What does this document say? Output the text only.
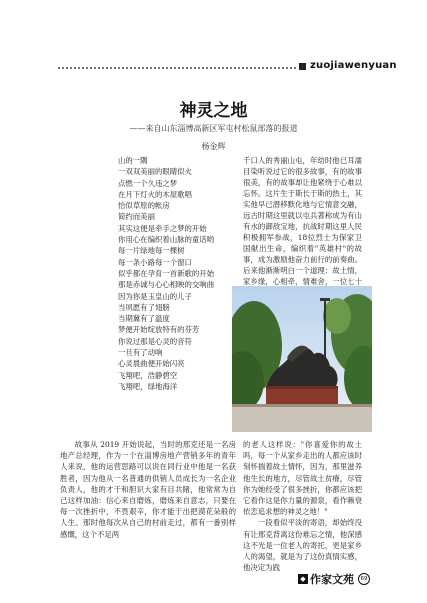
zuojiawenyuan
神灵之地
——来自山东淄博高新区军屯村松鼠部落的报道
杨金辉
山的一隅
一双双美丽的眼睛似火
点燃一个久违之梦
在月下灯火的木屋歌唱
恰似草原的帐房
简约而美丽
其实这便是牵手之梦的开始
你用心在编织着山脉的童话哟
每一片绿地每一棵树
每一条小路每一个窗口
似乎都在孕育一首新歌的开始
那是赤诚与心心相映的交响曲
因为你是玉皇山的儿子
当夙愿有了翅膀
当期冀有了温度
梦便开始绽放特有的芬芳
你说过那是心灵的音符
一旦有了动响
心灵晨曲便开始闪亮
飞翔吧，浩静碧空
飞翔吧，绿地海洋
千口人的秀丽山屯，年幼时他已耳濡目染听说过它的很多故事，有的故事很美，有的故事却让他紧绕于心难以忘怀。这片生于斯长于斯的热土，其实他早已潜移默化地与它情意交融，远古时期这里就以屯兵著称成为有山有水的御敌宝地，抗战时期这里人民积极拥军参战，18位烈士为保家卫国献出生命，编织着"英雄村"的故事，成为激励他奋力前行的前奏曲。后来他渐渐明白一个道理：故土情，家乡缘，心相牵，情难舍，一位七十

故事从 2019 开始说起，当时的邢克还是一名房地产总经理，作为一个在淄博房地产营销多年的青年人来说，他的运营思路可以说在同行业中他是一名获胜者，因为他从一名普通的供销人员成长为一名企业负责人，他的才干和胆识大家有目共睹，他常常为自己这样加油：信心来自磨炼，磨炼来自意志，只要在每一次挫折中，不畏艰辛，你才能于出把漠花朵般的人生。那时他每次从自己的村前走过，都有一番别样感慨，这个不足两

的老人这样说："你喜爱你的故土吗，每一个从家乡走出的人都应该时刻怀揣着故土情怀，因为，那里滋养他生长的地方，尽管故土贫瘠，尽管你为她经受了很多挫折，你都应该把它看作这是你力量的源泉，看作赖衰依恋追求想的神灵之地！"

一段看似平淡的寄语，却始终没有让邢克背离这份难忘之情，他深感这不光是一位老人的寄托，更是家乡人的渴望，就是为了这份真情实感，他决定为践

◆ 作家文苑	69
